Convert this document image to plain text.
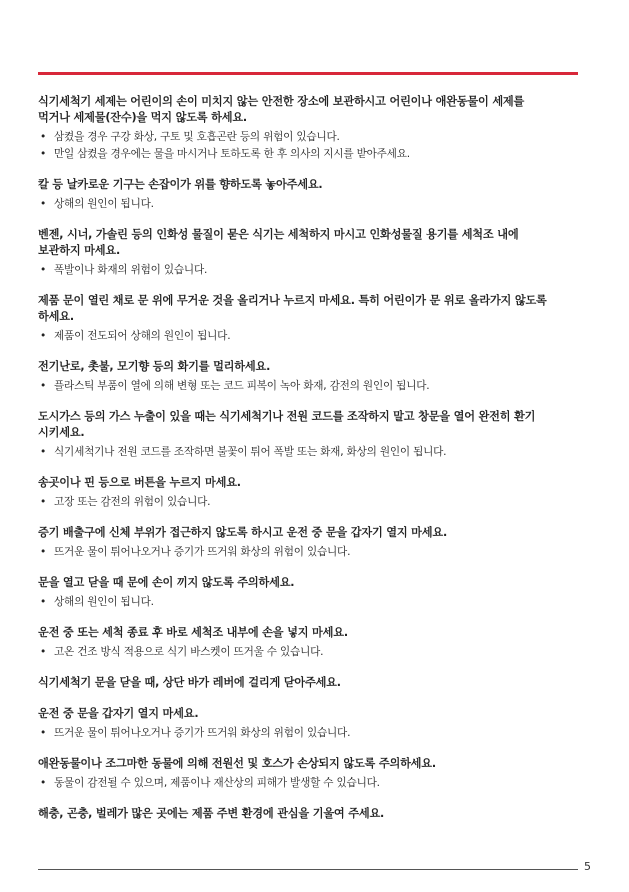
식기세척기 세제는 어린이의 손이 미치지 않는 안전한 장소에 보관하시고 어린이나 애완동물이 세제를
먹거나 세제물(잔수)을 먹지 않도록 하세요.
• 삼켰을 경우 구강 화상, 구토 및 호흡곤란 등의 위험이 있습니다.
• 만일 삼켰을 경우에는 물을 마시거나 토하도록 한 후 의사의 지시를 받아주세요.
칼 등 날카로운 기구는 손잡이가 위를 향하도록 놓아주세요.
• 상해의 원인이 됩니다.
벤젠, 시너, 가솔린 등의 인화성 물질이 묻은 식기는 세척하지 마시고 인화성물질 용기를 세척조 내에
보관하지 마세요.
• 폭발이나 화재의 위험이 있습니다.
제품 문이 열린 채로 문 위에 무거운 것을 올리거나 누르지 마세요. 특히 어린이가 문 위로 올라가지 않도록
하세요.
• 제품이 전도되어 상해의 원인이 됩니다.
전기난로, 촛불, 모기향 등의 화기를 멀리하세요.
• 플라스틱 부품이 열에 의해 변형 또는 코드 피복이 녹아 화재, 감전의 원인이 됩니다.
도시가스 등의 가스 누출이 있을 때는 식기세척기나 전원 코드를 조작하지 말고 창문을 열어 완전히 환기
시키세요.
• 식기세척기나 전원 코드를 조작하면 불꽃이 튀어 폭발 또는 화재, 화상의 원인이 됩니다.
송곳이나 핀 등으로 버튼을 누르지 마세요.
• 고장 또는 감전의 위험이 있습니다.
증기 배출구에 신체 부위가 접근하지 않도록 하시고 운전 중 문을 갑자기 열지 마세요.
• 뜨거운 물이 튀어나오거나 증기가 뜨거워 화상의 위험이 있습니다.
문을 열고 닫을 때 문에 손이 끼지 않도록 주의하세요.
• 상해의 원인이 됩니다.
운전 중 또는 세척 종료 후 바로 세척조 내부에 손을 넣지 마세요.
• 고온 건조 방식 적용으로 식기 바스켓이 뜨거울 수 있습니다.
식기세척기 문을 닫을 때, 상단 바가 레버에 걸리게 닫아주세요.
운전 중 문을 갑자기 열지 마세요.
• 뜨거운 물이 튀어나오거나 증기가 뜨거워 화상의 위험이 있습니다.
애완동물이나 조그마한 동물에 의해 전원선 및 호스가 손상되지 않도록 주의하세요.
• 동물이 감전될 수 있으며, 제품이나 재산상의 피해가 발생할 수 있습니다.
해충, 곤충, 벌레가 많은 곳에는 제품 주변 환경에 관심을 기울여 주세요.
5
